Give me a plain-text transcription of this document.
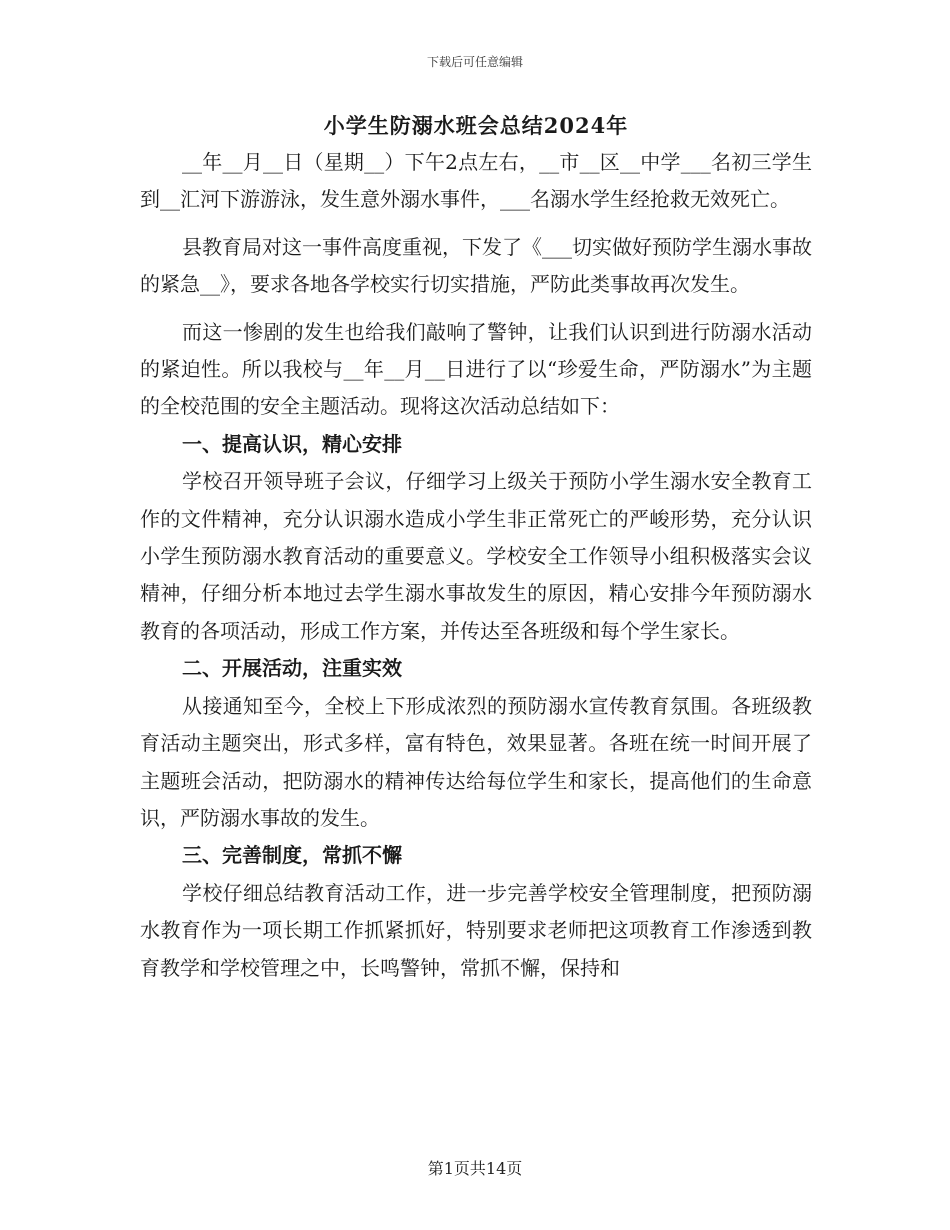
下载后可任意编辑
小学生防溺水班会总结2024年

__年__月__日（星期__）下午2点左右，__市__区__中学___名初三学生到__汇河下游游泳，发生意外溺水事件，___名溺水学生经抢救无效死亡。

县教育局对这一事件高度重视，下发了《___切实做好预防学生溺水事故的紧急__》，要求各地各学校实行切实措施，严防此类事故再次发生。

而这一惨剧的发生也给我们敲响了警钟，让我们认识到进行防溺水活动的紧迫性。所以我校与__年__月__日进行了以“珍爱生命，严防溺水”为主题的全校范围的安全主题活动。现将这次活动总结如下：

一、提高认识，精心安排

学校召开领导班子会议，仔细学习上级关于预防小学生溺水安全教育工作的文件精神，充分认识溺水造成小学生非正常死亡的严峻形势，充分认识小学生预防溺水教育活动的重要意义。学校安全工作领导小组积极落实会议精神，仔细分析本地过去学生溺水事故发生的原因，精心安排今年预防溺水教育的各项活动，形成工作方案，并传达至各班级和每个学生家长。

二、开展活动，注重实效

从接通知至今，全校上下形成浓烈的预防溺水宣传教育氛围。各班级教育活动主题突出，形式多样，富有特色，效果显著。各班在统一时间开展了主题班会活动，把防溺水的精神传达给每位学生和家长，提高他们的生命意识，严防溺水事故的发生。

三、完善制度，常抓不懈

学校仔细总结教育活动工作，进一步完善学校安全管理制度，把预防溺水教育作为一项长期工作抓紧抓好，特别要求老师把这项教育工作渗透到教育教学和学校管理之中，长鸣警钟，常抓不懈，保持和

第1页共14页
